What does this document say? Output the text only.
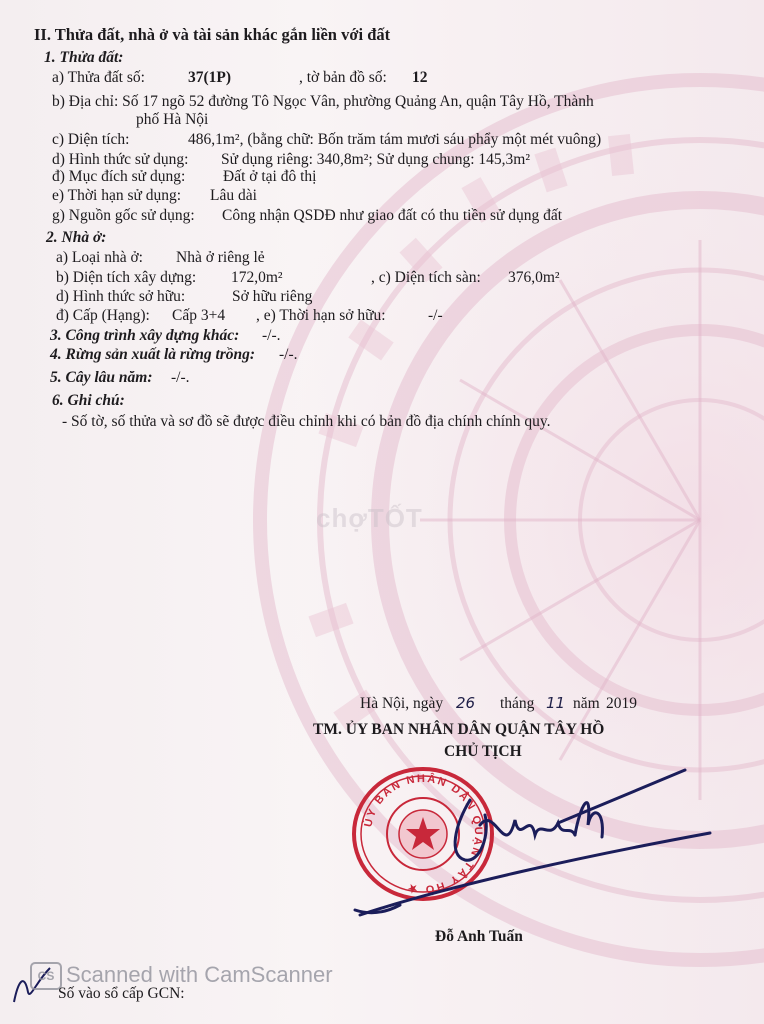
chợTỐT
II. Thửa đất, nhà ở và tài sản khác gắn liền với đất
1. Thửa đất:
a) Thửa đất số:	37(1P)	, tờ bản đồ số: 12
b) Địa chỉ: Số 17 ngõ 52 đường Tô Ngọc Vân, phường Quảng An, quận Tây Hồ, Thành
phố Hà Nội
c) Diện tích:	486,1m², (bằng chữ: Bốn trăm tám mươi sáu phẩy một mét vuông)
d) Hình thức sử dụng: Sử dụng riêng: 340,8m²; Sử dụng chung: 145,3m²
đ) Mục đích sử dụng: Đất ở tại đô thị
e) Thời hạn sử dụng: Lâu dài
g) Nguồn gốc sử dụng: Công nhận QSDĐ như giao đất có thu tiền sử dụng đất
2. Nhà ở:
a) Loại nhà ở: Nhà ở riêng lẻ
b) Diện tích xây dựng: 172,0m²	, c) Diện tích sàn: 376,0m²
d) Hình thức sở hữu:	Sở hữu riêng
đ) Cấp (Hạng): Cấp 3+4 , e) Thời hạn sở hữu:	-/-
3. Công trình xây dựng khác: -/-.
4. Rừng sản xuất là rừng trồng: -/-.
5. Cây lâu năm: -/-.
6. Ghi chú:
- Số tờ, số thửa và sơ đồ sẽ được điều chỉnh khi có bản đồ địa chính chính quy.
Hà Nội, ngày 26 tháng 11 năm 2019
TM. ỦY BAN NHÂN DÂN QUẬN TÂY HỒ
CHỦ TỊCH
ỦY BAN NHÂN DÂN QUẬN TÂY HỒ ★
Đỗ Anh Tuấn
CS Scanned with CamScanner
Số vào sổ cấp GCN:
